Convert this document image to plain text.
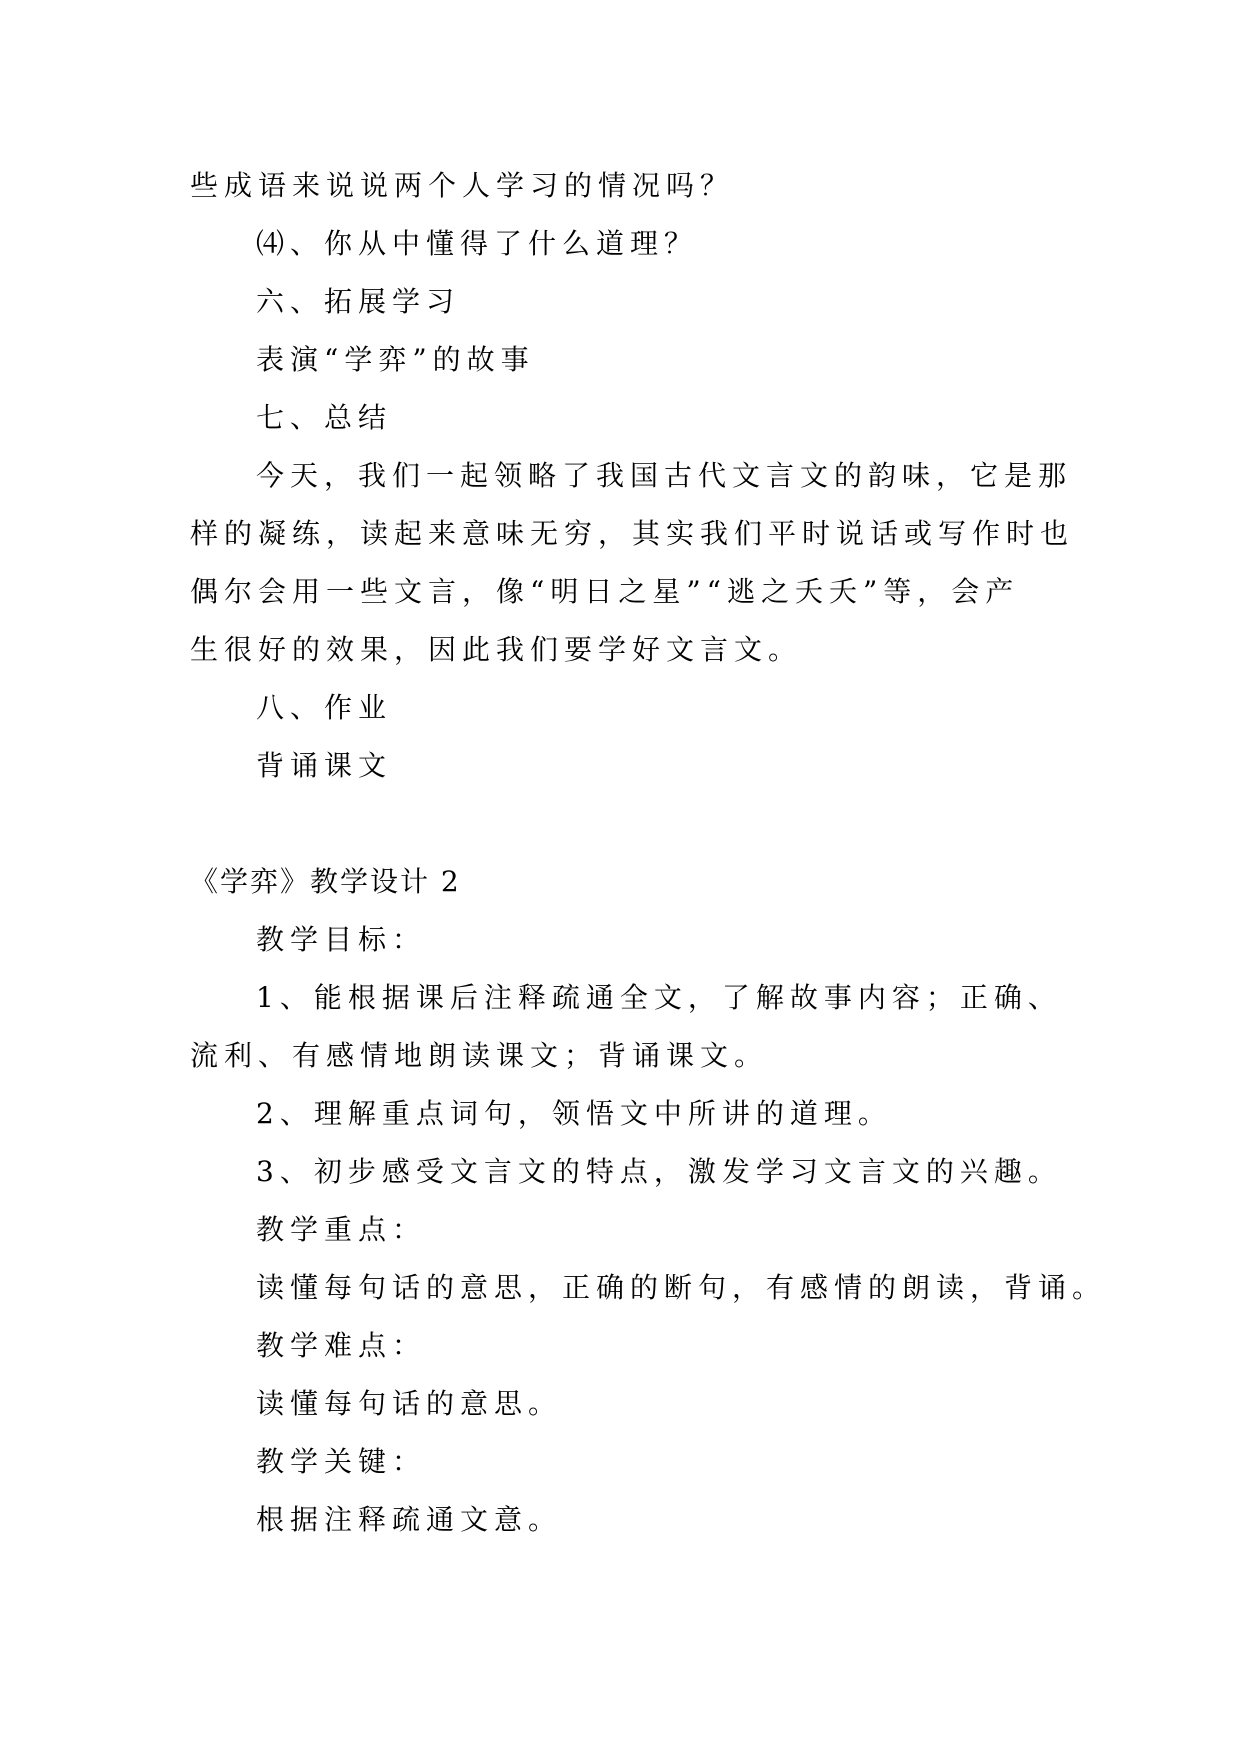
些成语来说说两个人学习的情况吗？
⑷、你从中懂得了什么道理？
六、拓展学习
表演“学弈”的故事
七、总结
今天，我们一起领略了我国古代文言文的韵味，它是那
样的凝练，读起来意味无穷，其实我们平时说话或写作时也
偶尔会用一些文言，像“明日之星”“逃之夭夭”等，会产
生很好的效果，因此我们要学好文言文。
八、作业
背诵课文
《学弈》教学设计 2
教学目标：
1、能根据课后注释疏通全文，了解故事内容；正确、
流利、有感情地朗读课文；背诵课文。
2、理解重点词句，领悟文中所讲的道理。
3、初步感受文言文的特点，激发学习文言文的兴趣。
教学重点：
读懂每句话的意思，正确的断句，有感情的朗读，背诵。
教学难点：
读懂每句话的意思。
教学关键：
根据注释疏通文意。
